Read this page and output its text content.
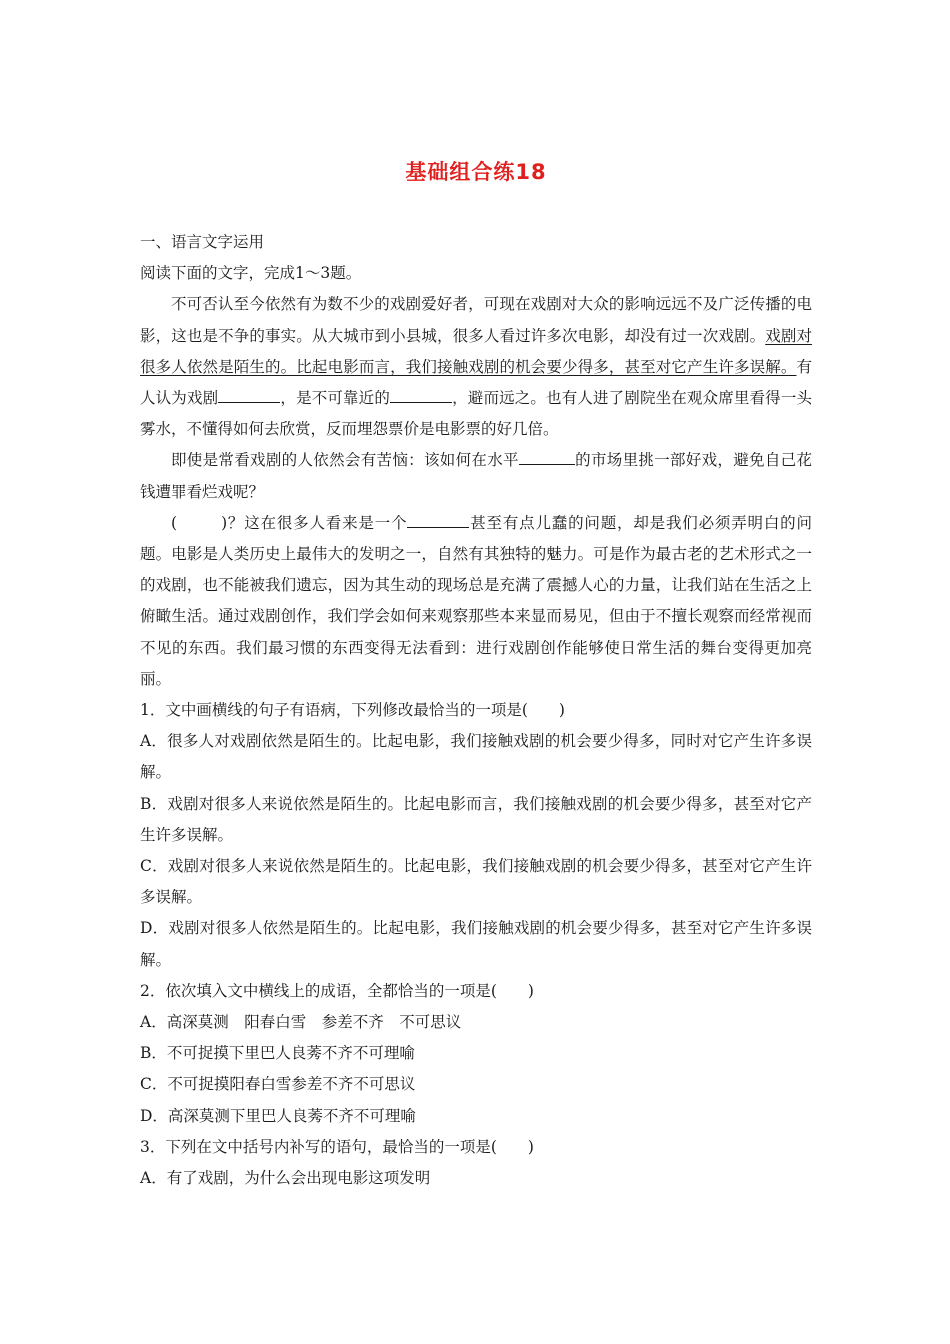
基础组合练18

一、语言文字运用

阅读下面的文字，完成1～3题。

不可否认至今依然有为数不少的戏剧爱好者，可现在戏剧对大众的影响远远不及广泛传播的电影，这也是不争的事实。从大城市到小县城，很多人看过许多次电影，却没有过一次戏剧。戏剧对很多人依然是陌生的。比起电影而言，我们接触戏剧的机会要少得多，甚至对它产生许多误解。有人认为戏剧	，是不可靠近的	，避而远之。也有人进了剧院坐在观众席里看得一头雾水，不懂得如何去欣赏，反而埋怨票价是电影票的好几倍。

即使是常看戏剧的人依然会有苦恼：该如何在水平	的市场里挑一部好戏，避免自己花钱遭罪看烂戏呢？

(	)？这在很多人看来是一个	甚至有点儿蠢的问题，却是我们必须弄明白的问题。电影是人类历史上最伟大的发明之一，自然有其独特的魅力。可是作为最古老的艺术形式之一的戏剧，也不能被我们遗忘，因为其生动的现场总是充满了震撼人心的力量，让我们站在生活之上俯瞰生活。通过戏剧创作，我们学会如何来观察那些本来显而易见，但由于不擅长观察而经常视而不见的东西。我们最习惯的东西变得无法看到：进行戏剧创作能够使日常生活的舞台变得更加亮丽。

1．文中画横线的句子有语病，下列修改最恰当的一项是(　　)

A．很多人对戏剧依然是陌生的。比起电影，我们接触戏剧的机会要少得多，同时对它产生许多误解。

B．戏剧对很多人来说依然是陌生的。比起电影而言，我们接触戏剧的机会要少得多，甚至对它产生许多误解。

C．戏剧对很多人来说依然是陌生的。比起电影，我们接触戏剧的机会要少得多，甚至对它产生许多误解。

D．戏剧对很多人依然是陌生的。比起电影，我们接触戏剧的机会要少得多，甚至对它产生许多误解。

2．依次填入文中横线上的成语，全都恰当的一项是(　　)

A．高深莫测　阳春白雪　参差不齐　不可思议

B．不可捉摸下里巴人良莠不齐不可理喻

C．不可捉摸阳春白雪参差不齐不可思议

D．高深莫测下里巴人良莠不齐不可理喻

3．下列在文中括号内补写的语句，最恰当的一项是(　　)

A．有了戏剧，为什么会出现电影这项发明
